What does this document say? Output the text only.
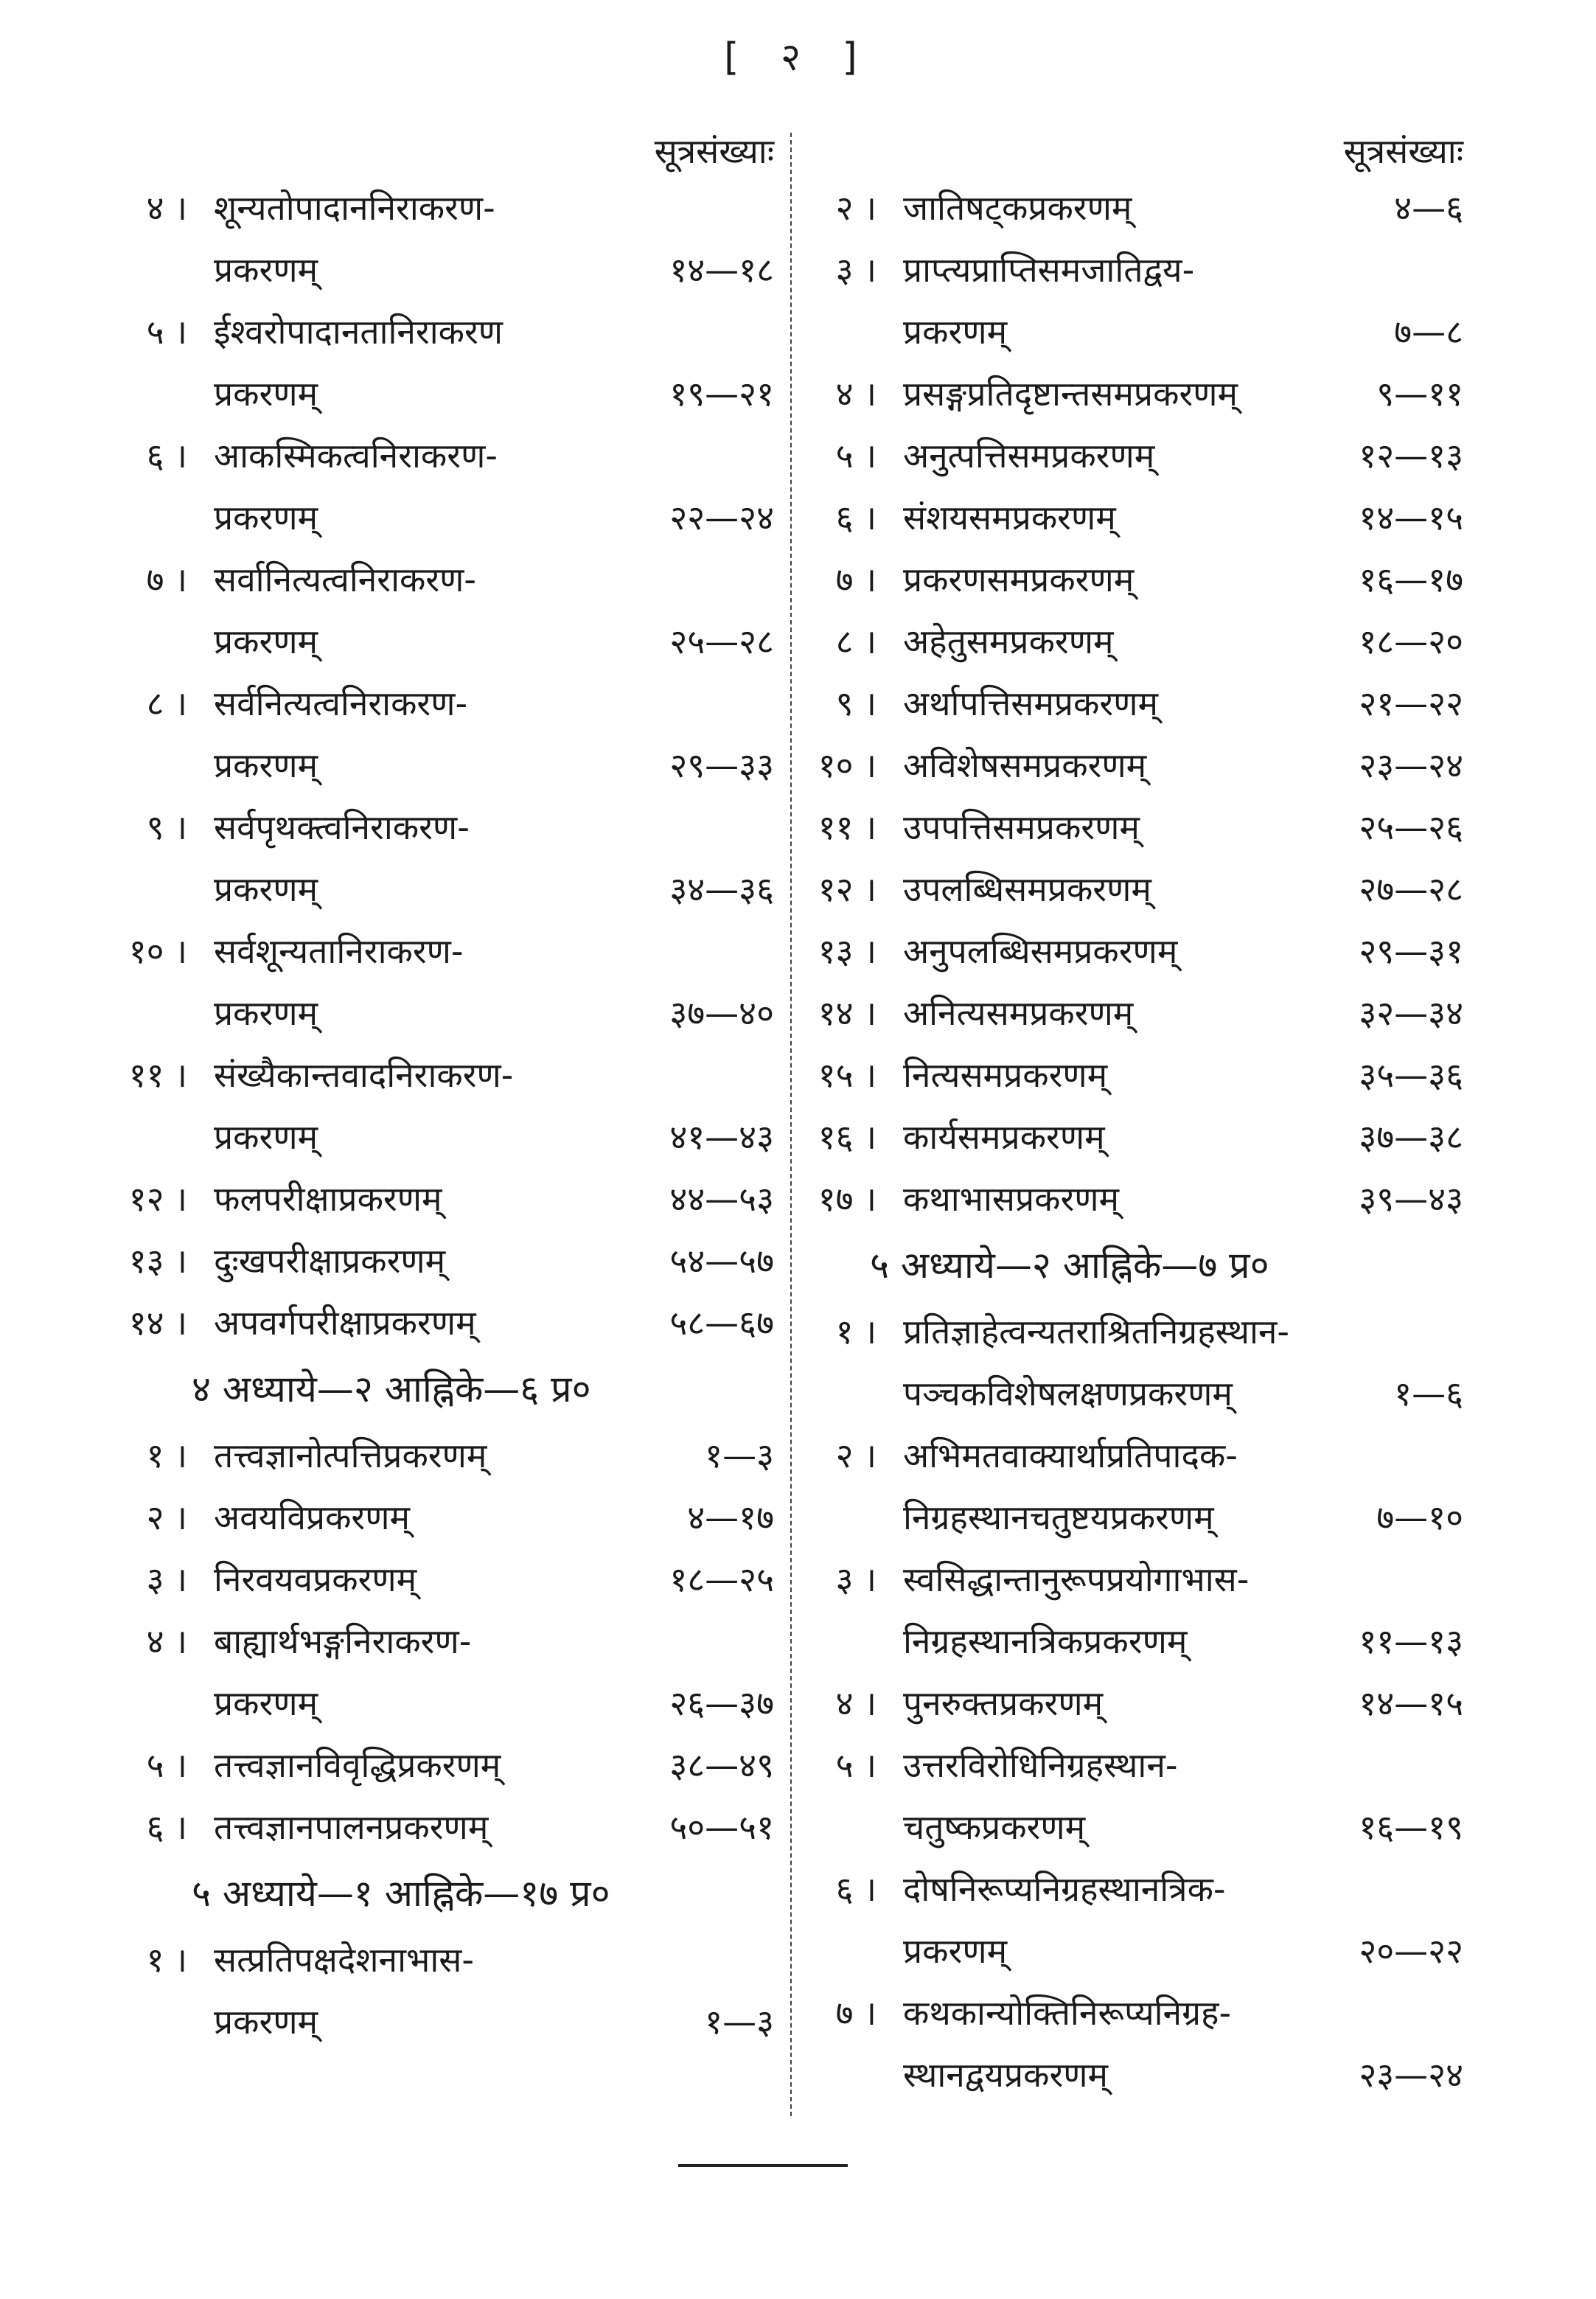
[ २ ]
सूत्रसंख्याः
४ । शून्यतोपादाननिराकरण-
प्रकरणम्	१४—१८
५ । ईश्वरोपादानतानिराकरण
प्रकरणम्	१९—२१
६ । आकस्मिकत्वनिराकरण-
प्रकरणम्	२२—२४
७ । सर्वानित्यत्वनिराकरण-
प्रकरणम्	२५—२८
८ । सर्वनित्यत्वनिराकरण-
प्रकरणम्	२९—३३
९ । सर्वपृथक्त्वनिराकरण-
प्रकरणम्	३४—३६
१० । सर्वशून्यतानिराकरण-
प्रकरणम्	३७—४०
११ । संख्यैकान्तवादनिराकरण-
प्रकरणम्	४१—४३
१२ । फलपरीक्षाप्रकरणम्	४४—५३
१३ । दुःखपरीक्षाप्रकरणम्	५४—५७
१४ । अपवर्गपरीक्षाप्रकरणम्	५८—६७
४ अध्याये—२ आह्निके—६ प्र०
१ । तत्त्वज्ञानोत्पत्तिप्रकरणम्	१—३
२ । अवयविप्रकरणम्	४—१७
३ । निरवयवप्रकरणम्	१८—२५
४ । बाह्यार्थभङ्गनिराकरण-
प्रकरणम्	२६—३७
५ । तत्त्वज्ञानविवृद्धिप्रकरणम्	३८—४९
६ । तत्त्वज्ञानपालनप्रकरणम्	५०—५१
५ अध्याये—१ आह्निके—१७ प्र०
१ । सत्प्रतिपक्षदेशनाभास-
प्रकरणम्	१—३
सूत्रसंख्याः
२ । जातिषट्कप्रकरणम्	४—६
३ । प्राप्त्यप्राप्तिसमजातिद्वय-
प्रकरणम्	७—८
४ । प्रसङ्गप्रतिदृष्टान्तसमप्रकरणम्	९—११
५ । अनुत्पत्तिसमप्रकरणम्	१२—१३
६ । संशयसमप्रकरणम्	१४—१५
७ । प्रकरणसमप्रकरणम्	१६—१७
८ । अहेतुसमप्रकरणम्	१८—२०
९ । अर्थापत्तिसमप्रकरणम्	२१—२२
१० । अविशेषसमप्रकरणम्	२३—२४
११ । उपपत्तिसमप्रकरणम्	२५—२६
१२ । उपलब्धिसमप्रकरणम्	२७—२८
१३ । अनुपलब्धिसमप्रकरणम्	२९—३१
१४ । अनित्यसमप्रकरणम्	३२—३४
१५ । नित्यसमप्रकरणम्	३५—३६
१६ । कार्यसमप्रकरणम्	३७—३८
१७ । कथाभासप्रकरणम्	३९—४३
५ अध्याये—२ आह्निके—७ प्र०
१ । प्रतिज्ञाहेत्वन्यतराश्रितनिग्रहस्थान-
पञ्चकविशेषलक्षणप्रकरणम्	१—६
२ । अभिमतवाक्यार्थाप्रतिपादक-
निग्रहस्थानचतुष्टयप्रकरणम्	७—१०
३ । स्वसिद्धान्तानुरूपप्रयोगाभास-
निग्रहस्थानत्रिकप्रकरणम्	११—१३
४ । पुनरुक्तप्रकरणम्	१४—१५
५ । उत्तरविरोधिनिग्रहस्थान-
चतुष्कप्रकरणम्	१६—१९
६ । दोषनिरूप्यनिग्रहस्थानत्रिक-
प्रकरणम्	२०—२२
७ । कथकान्योक्तिनिरूप्यनिग्रह-
स्थानद्वयप्रकरणम्	२३—२४
